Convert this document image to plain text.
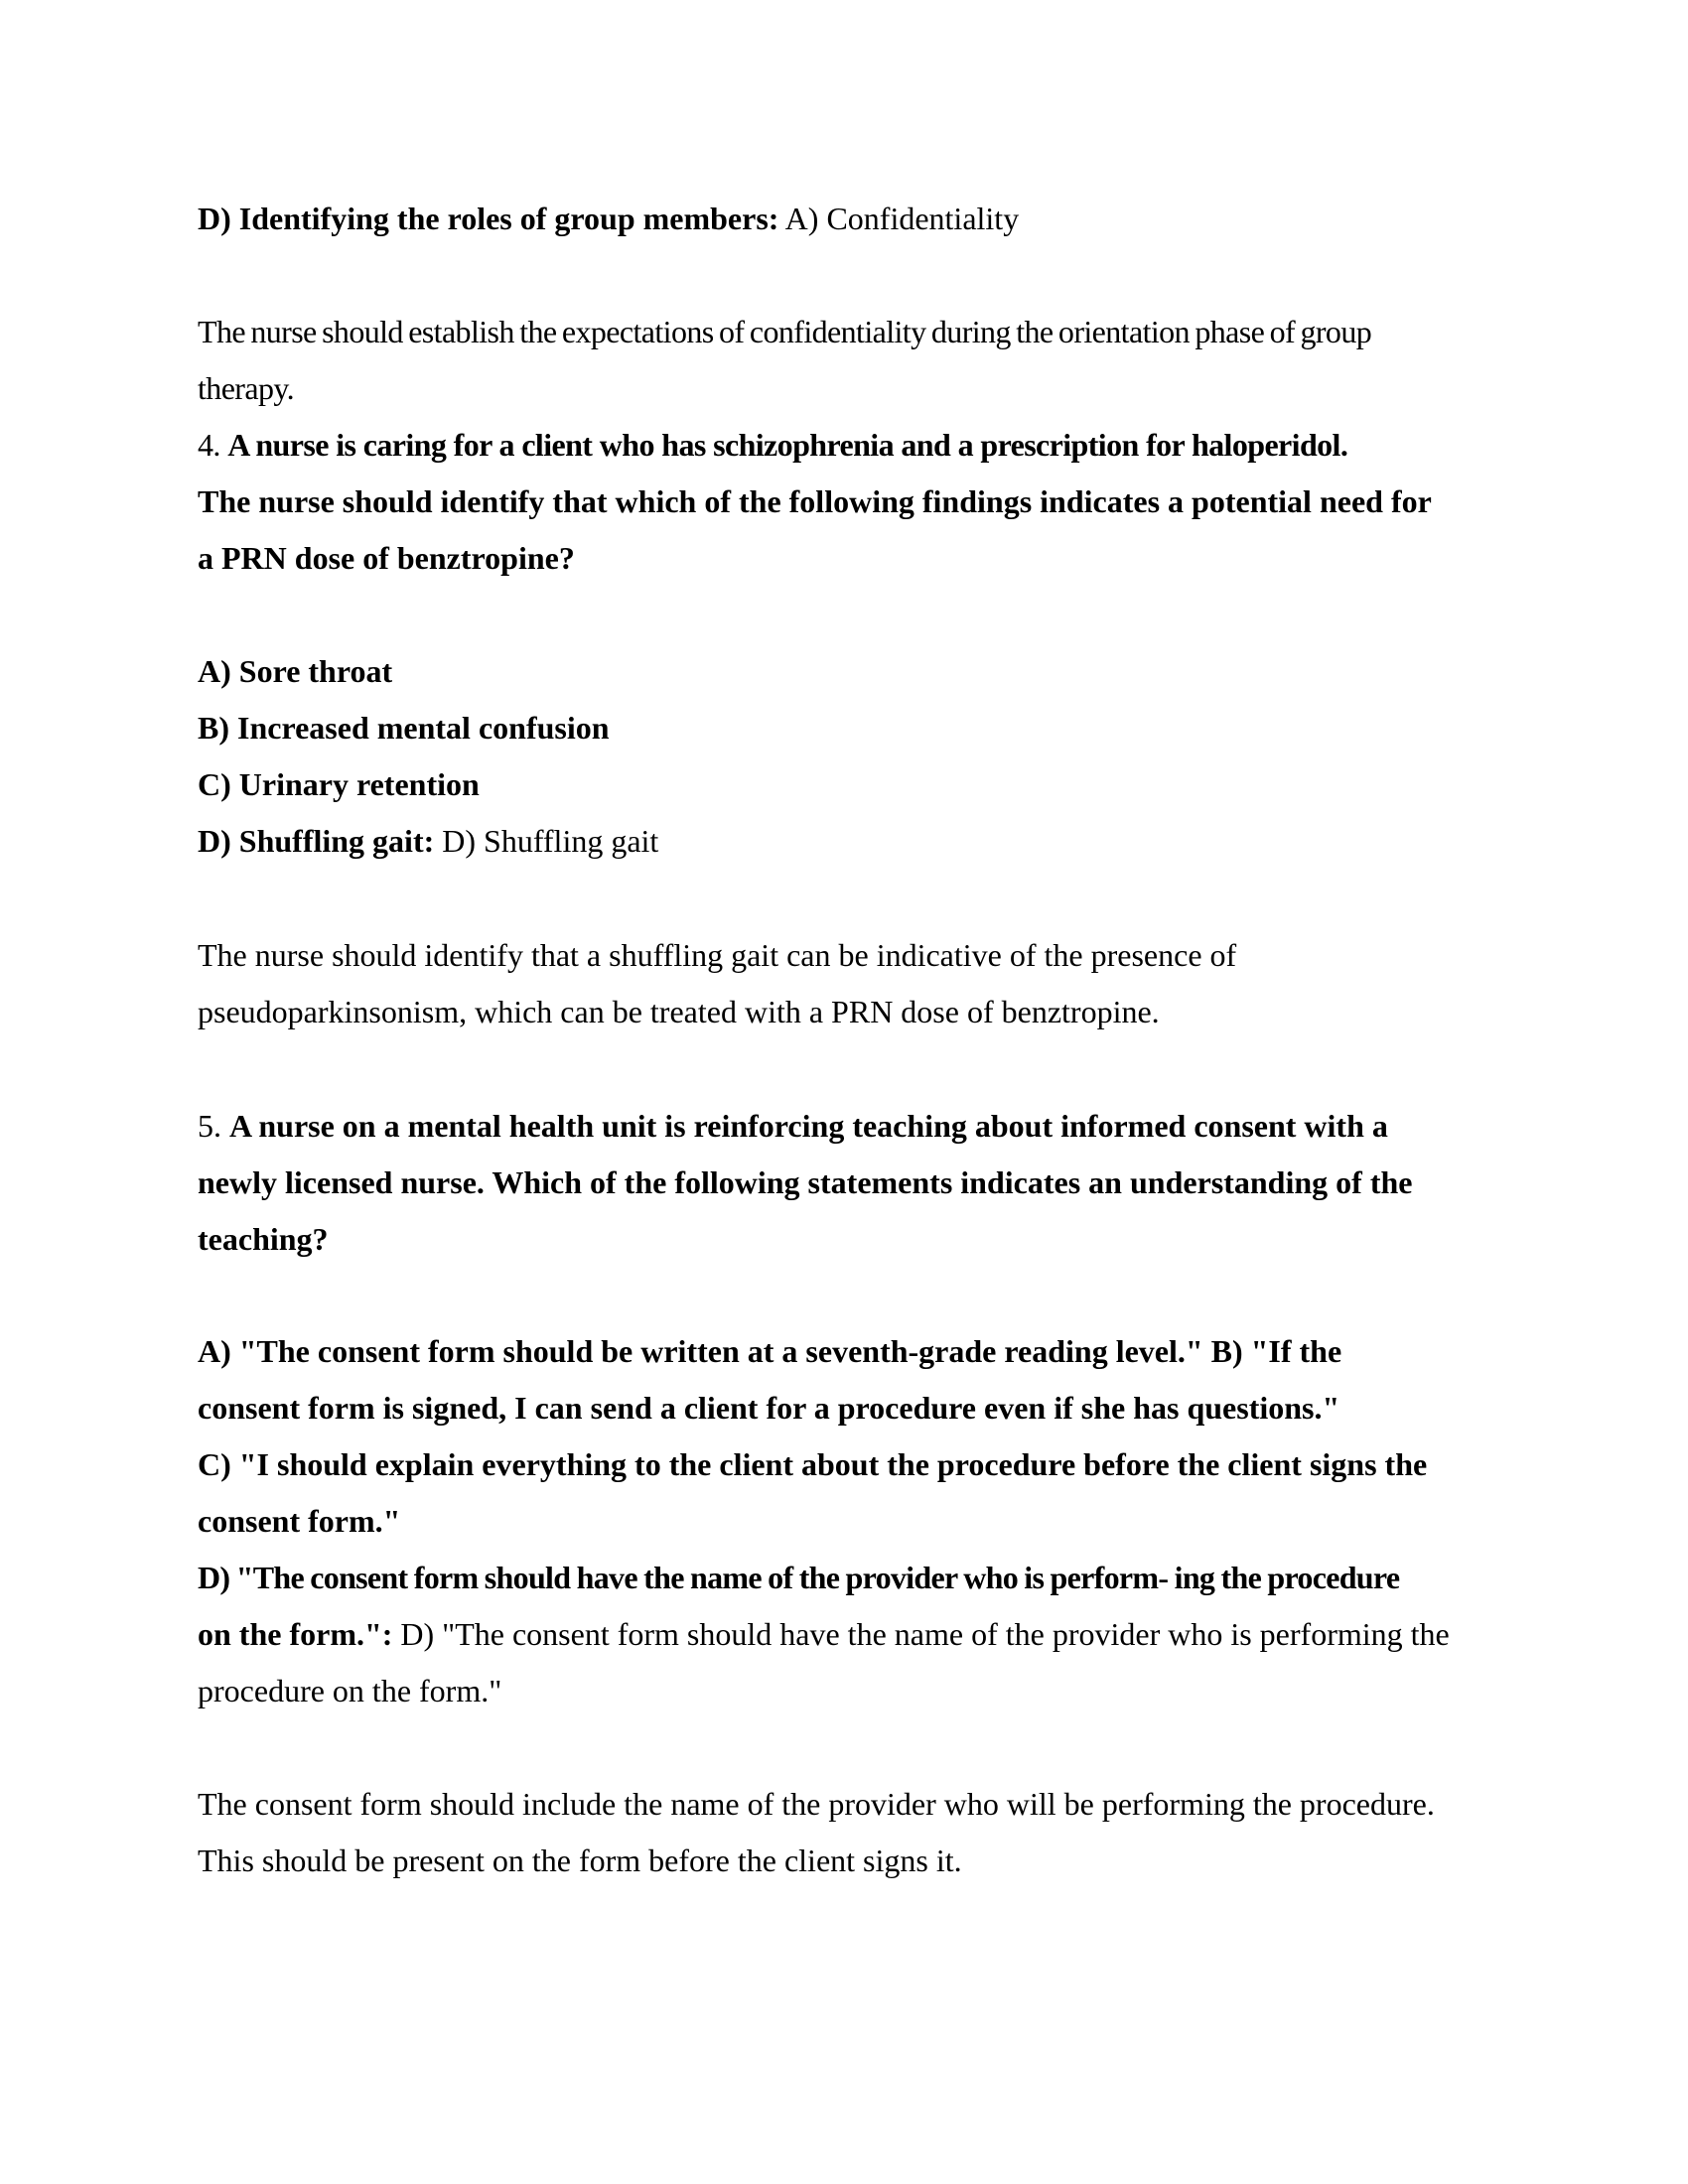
D) Identifying the roles of group members: A) Confidentiality

The nurse should establish the expectations of confidentiality during the orientation phase of group
therapy.

4. A nurse is caring for a client who has schizophrenia and a prescription for haloperidol.
The nurse should identify that which of the following findings indicates a potential need for
a PRN dose of benztropine?

A) Sore throat
B) Increased mental confusion
C) Urinary retention
D) Shuffling gait: D) Shuffling gait

The nurse should identify that a shuffling gait can be indicative of the presence of
pseudoparkinsonism, which can be treated with a PRN dose of benztropine.

5. A nurse on a mental health unit is reinforcing teaching about informed consent with a
newly licensed nurse. Which of the following statements indicates an understanding of the
teaching?

A) "The consent form should be written at a seventh-grade reading level." B) "If the
consent form is signed, I can send a client for a procedure even if she has questions."
C) "I should explain everything to the client about the procedure before the client signs the
consent form."
D) "The consent form should have the name of the provider who is perform- ing the procedure
on the form.": D) "The consent form should have the name of the provider who is performing the
procedure on the form."

The consent form should include the name of the provider who will be performing the procedure.
This should be present on the form before the client signs it.
